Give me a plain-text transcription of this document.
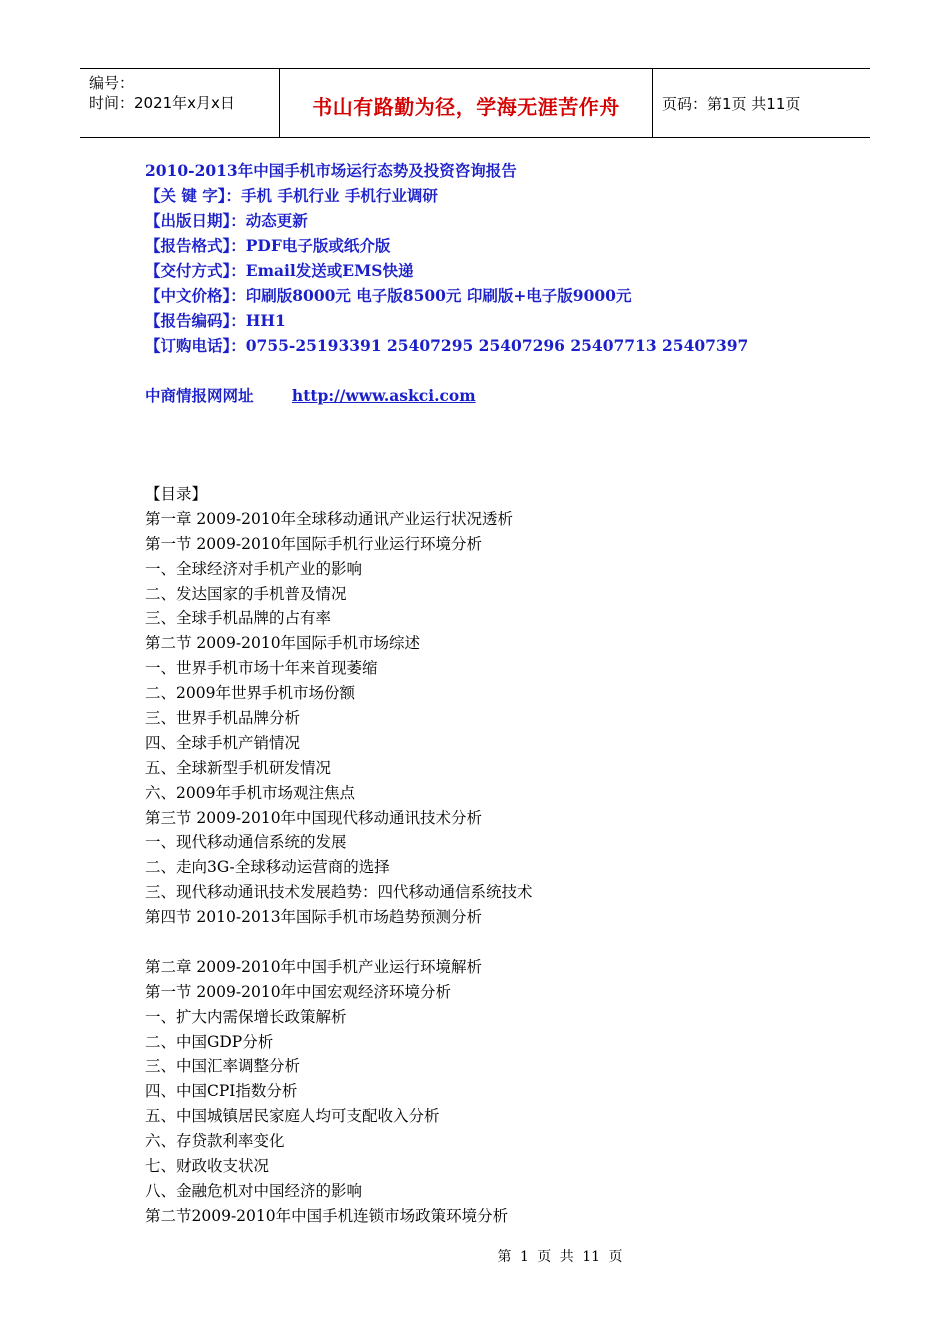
编号：
时间：2021年x月x日	书山有路勤为径，学海无涯苦作舟	页码：第1页 共11页
2010-2013年中国手机市场运行态势及投资咨询报告
【关 键 字】：手机 手机行业 手机行业调研
【出版日期】：动态更新
【报告格式】：PDF电子版或纸介版
【交付方式】：Email发送或EMS快递
【中文价格】：印刷版8000元 电子版8500元 印刷版+电子版9000元
【报告编码】：HH1
【订购电话】：0755-25193391 25407295 25407296 25407713 25407397
中商情报网网址 http://www.askci.com
【目录】
第一章 2009-2010年全球移动通讯产业运行状况透析
第一节 2009-2010年国际手机行业运行环境分析
一、全球经济对手机产业的影响
二、发达国家的手机普及情况
三、全球手机品牌的占有率
第二节 2009-2010年国际手机市场综述
一、世界手机市场十年来首现萎缩
二、2009年世界手机市场份额
三、世界手机品牌分析
四、全球手机产销情况
五、全球新型手机研发情况
六、2009年手机市场观注焦点
第三节 2009-2010年中国现代移动通讯技术分析
一、现代移动通信系统的发展
二、走向3G-全球移动运营商的选择
三、现代移动通讯技术发展趋势：四代移动通信系统技术
第四节 2010-2013年国际手机市场趋势预测分析
第二章 2009-2010年中国手机产业运行环境解析
第一节 2009-2010年中国宏观经济环境分析
一、扩大内需保增长政策解析
二、中国GDP分析
三、中国汇率调整分析
四、中国CPI指数分析
五、中国城镇居民家庭人均可支配收入分析
六、存贷款利率变化
七、财政收支状况
八、金融危机对中国经济的影响
第二节2009-2010年中国手机连锁市场政策环境分析
第 1 页 共 11 页
